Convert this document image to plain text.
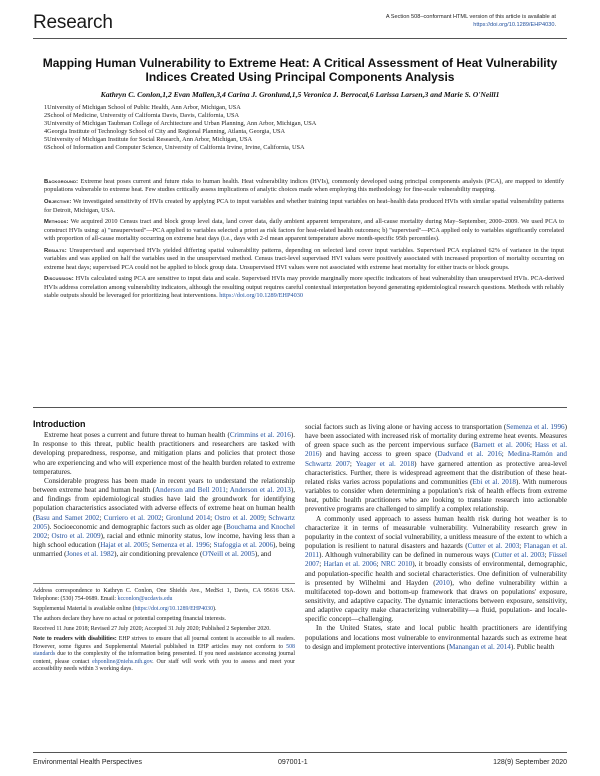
Research	A Section 508–conformant HTML version of this article is available at https://doi.org/10.1289/EHP4030.
Mapping Human Vulnerability to Extreme Heat: A Critical Assessment of Heat Vulnerability Indices Created Using Principal Components Analysis
Kathryn C. Conlon,1,2 Evan Mallen,3,4 Carina J. Gronlund,1,5 Veronica J. Berrocal,6 Larissa Larsen,3 and Marie S. O'Neill1
1University of Michigan School of Public Health, Ann Arbor, Michigan, USA
2School of Medicine, University of California Davis, Davis, California, USA
3University of Michigan Taubman College of Architecture and Urban Planning, Ann Arbor, Michigan, USA
4Georgia Institute of Technology School of City and Regional Planning, Atlanta, Georgia, USA
5University of Michigan Institute for Social Research, Ann Arbor, Michigan, USA
6School of Information and Computer Science, University of California Irvine, Irvine, California, USA

Background: Extreme heat poses current and future risks to human health. Heat vulnerability indices (HVIs), commonly developed using principal components analysis (PCA), are mapped to identify populations vulnerable to extreme heat. Few studies critically assess implications of analytic choices made when employing this methodology for fine-scale vulnerability mapping.

Objective: We investigated sensitivity of HVIs created by applying PCA to input variables and whether training input variables on heat–health data produced HVIs with similar spatial vulnerability patterns for Detroit, Michigan, USA.

Methods: We acquired 2010 Census tract and block group level data, land cover data, daily ambient apparent temperature, and all-cause mortality during May–September, 2000–2009. We used PCA to construct HVIs using: a) "unsupervised"—PCA applied to variables selected a priori as risk factors for heat-related health outcomes; b) "supervised"—PCA applied only to variables significantly correlated with proportion of all-cause mortality occurring on extreme heat days (i.e., days with 2-d mean apparent temperature above month-specific 95th percentiles).

Results: Unsupervised and supervised HVIs yielded differing spatial vulnerability patterns, depending on selected land cover input variables. Supervised PCA explained 62% of variance in the input variables and was applied on half the variables used in the unsupervised method. Census tract-level supervised HVI values were positively associated with increased proportion of mortality occurring on extreme heat days; supervised PCA could not be applied to block group data. Unsupervised HVI values were not associated with extreme heat mortality for either tracts or block groups.

Discussion: HVIs calculated using PCA are sensitive to input data and scale. Supervised HVIs may provide marginally more specific indicators of heat vulnerability than unsupervised HVIs. PCA-derived HVIs address correlation among vulnerability indicators, although the resulting output requires careful contextual interpretation beyond generating epidemiological research questions. Methods with reliably stable outputs should be leveraged for prioritizing heat interventions. https://doi.org/10.1289/EHP4030

Introduction

Extreme heat poses a current and future threat to human health (Crimmins et al. 2016). In response to this threat, public health practitioners and researchers are tasked with developing preparedness, response, and mitigation plans and policies that protect those who are experiencing and who will experience most of the health burden related to extreme temperatures.

Considerable progress has been made in recent years to understand the relationship between extreme heat and human health (Anderson and Bell 2011; Anderson et al. 2013), and findings from epidemiological studies have laid the groundwork for identifying population characteristics associated with adverse effects of extreme heat on human health (Basu and Samet 2002; Curriero et al. 2002; Gronlund 2014; Ostro et al. 2009; Schwartz 2005). Socioeconomic and demographic factors such as older age (Bouchama and Knochel 2002; Ostro et al. 2009), racial and ethnic minority status, low income, having less than a high school education (Hajat et al. 2005; Semenza et al. 1996; Stafoggia et al. 2006), being unmarried (Jones et al. 1982), air conditioning prevalence (O'Neill et al. 2005), and

Address correspondence to Kathryn C. Conlon, One Shields Ave., MedSci 1, Davis, CA 95616 USA. Telephone: (530) 754-0689. Email: kcconlon@ucdavis.edu

Supplemental Material is available online (https://doi.org/10.1289/EHP4030).

The authors declare they have no actual or potential competing financial interests.

Received 11 June 2018; Revised 27 July 2020; Accepted 31 July 2020; Published 2 September 2020.

Note to readers with disabilities: EHP strives to ensure that all journal content is accessible to all readers. However, some figures and Supplemental Material published in EHP articles may not conform to 508 standards due to the complexity of the information being presented. If you need assistance accessing journal content, please contact ehponline@niehs.nih.gov. Our staff will work with you to assess and meet your accessibility needs within 3 working days.

social factors such as living alone or having access to transportation (Semenza et al. 1996) have been associated with increased risk of mortality during extreme heat events. Measures of green space such as the percent impervious surface (Barnett et al. 2006; Hass et al. 2016) and having access to green space (Dadvand et al. 2016; Medina-Ramón and Schwartz 2007; Yeager et al. 2018) have garnered attention as protective area-level characteristics. Further, there is widespread agreement that the distribution of these heat-related risks varies across populations and communities (Ebi et al. 2018). With numerous variables to consider when determining a population's risk of health effects from extreme heat, public health practitioners who are looking to translate research into actionable preventive programs are challenged to simplify a complex relationship.

A commonly used approach to assess human health risk during hot weather is to characterize it in terms of measurable vulnerability. Vulnerability research grew in popularity in the context of social vulnerability, a unitless measure of the extent to which a population is resilient to natural disasters and hazards (Cutter et al. 2003; Flanagan et al. 2011). Although vulnerability can be defined in numerous ways (Cutter et al. 2003; Füssel 2007; Harlan et al. 2006; NRC 2010), it broadly consists of environmental, demographic, and population-specific health and societal characteristics. One definition of vulnerability is presented by Wilhelmi and Hayden (2010), who define vulnerability within a multifaceted top-down and bottom-up framework that draws on populations' exposure, sensitivity, and adaptive capacity. The dynamic interactions between exposure, sensitivity, and adaptive capacity make characterizing vulnerability—a fluid, population- and locale-specific concept—challenging.

In the United States, state and local public health practitioners are identifying populations and locations most vulnerable to environmental hazards such as extreme heat to design and implement protective interventions (Manangan et al. 2014). Public health

Environmental Health Perspectives	097001-1	128(9) September 2020
